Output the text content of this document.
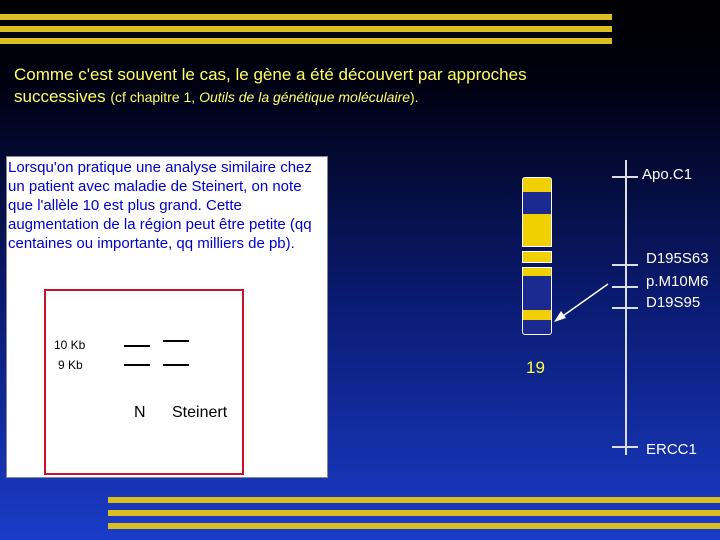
Comme c'est souvent le cas, le gène a été découvert par approches
successives (cf chapitre 1, Outils de la génétique moléculaire).
Lorsqu'on pratique une analyse similaire chez un patient avec maladie de Steinert, on note que l'allèle 10 est plus grand. Cette augmentation de la région peut être petite (qq centaines ou importante, qq milliers de pb).
10 Kb
9 Kb
N Steinert
19
Apo.C1
D195S63
p.M10M6
D19S95
ERCC1
